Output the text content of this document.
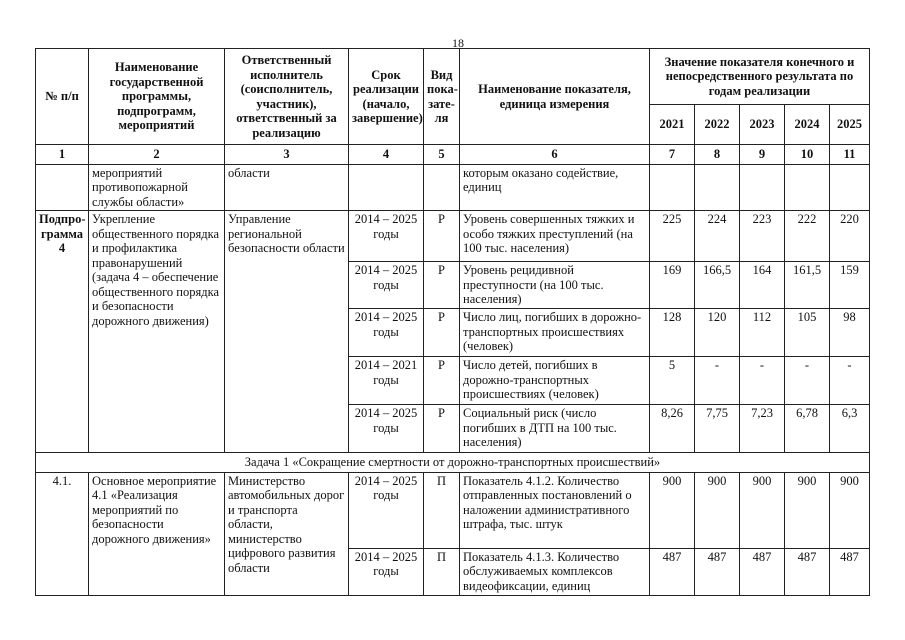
18
№ п/п	Наименование государственной программы, подпрограмм, мероприятий	Ответственный исполнитель (соисполнитель, участник), ответственный за реализацию	Срок реализации (начало, завершение)	Вид пока-зате-ля	Наименование показателя, единица измерения	Значение показателя конечного и непосредственного результата по годам реализации				
						2021	2022	2023	2024	2025
1	2	3	4	5	6	7	8	9	10	11
	мероприятий противопожарной службы области»	области			которым оказано содействие, единиц					
Подпро-грамма 4	Укрепление общественного порядка и профилактика правонарушений (задача 4 – обеспечение общественного порядка и безопасности дорожного движения)	Управление региональной безопасности области	2014 – 2025 годы	Р	Уровень совершенных тяжких и особо тяжких преступлений (на 100 тыс. населения)	225	224	223	222	220
			2014 – 2025 годы	Р	Уровень рецидивной преступности (на 100 тыс. населения)	169	166,5	164	161,5	159
			2014 – 2025 годы	Р	Число лиц, погибших в дорожно-транспортных происшествиях (человек)	128	120	112	105	98
			2014 – 2021 годы	Р	Число детей, погибших в дорожно-транспортных происшествиях (человек)	5	-	-	-	-
			2014 – 2025 годы	Р	Социальный риск (число погибших в ДТП на 100 тыс. населения)	8,26	7,75	7,23	6,78	6,3
Задача 1 «Сокращение смертности от дорожно-транспортных происшествий»										
4.1.	Основное мероприятие 4.1 «Реализация мероприятий по безопасности дорожного движения»	Министерство автомобильных дорог и транспорта области, министерство цифрового развития области	2014 – 2025 годы	П	Показатель 4.1.2. Количество отправленных постановлений о наложении административного штрафа, тыс. штук	900	900	900	900	900
			2014 – 2025 годы	П	Показатель 4.1.3. Количество обслуживаемых комплексов видеофиксации, единиц	487	487	487	487	487
